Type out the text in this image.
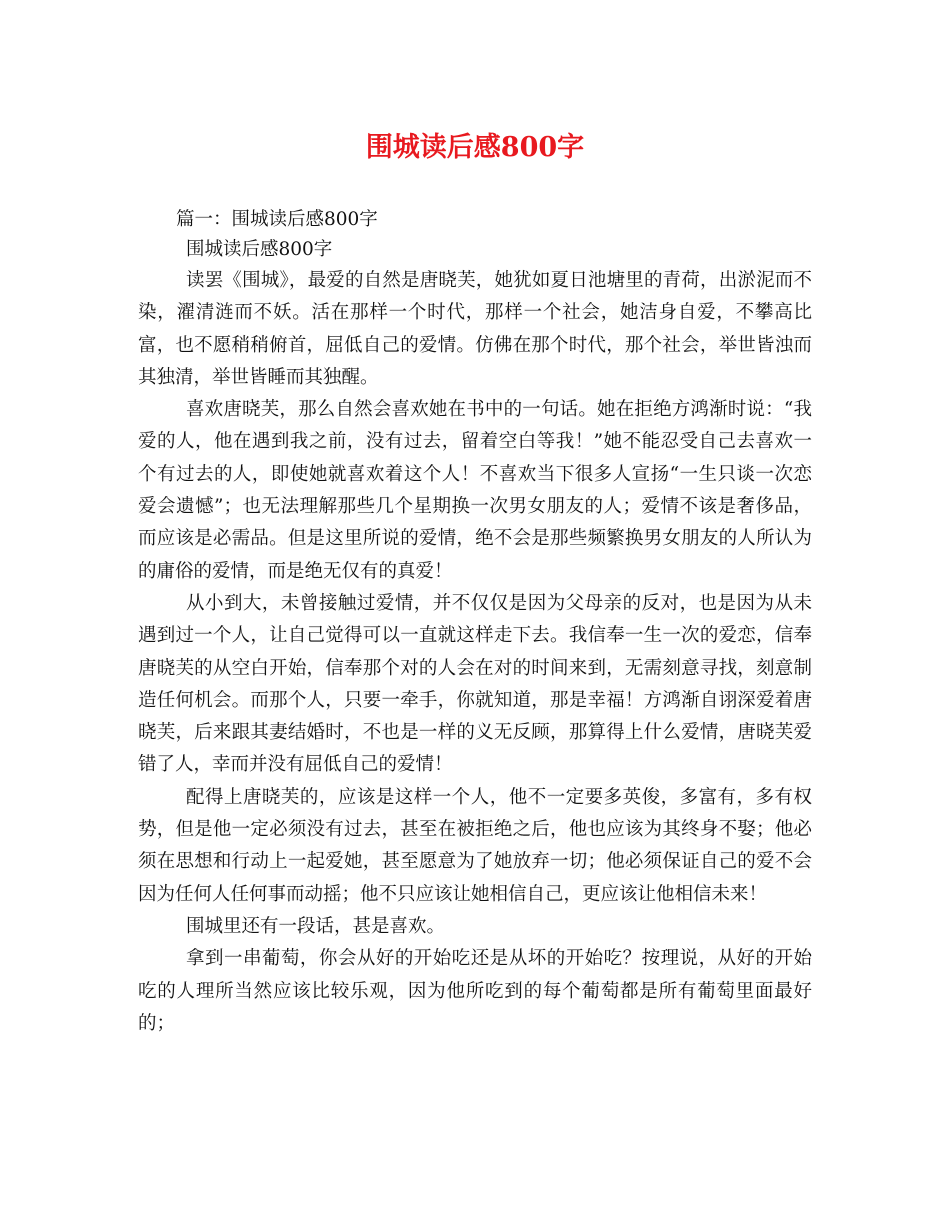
围城读后感800字
篇一：围城读后感800字
围城读后感800字

读罢《围城》，最爱的自然是唐晓芙，她犹如夏日池塘里的青荷，出淤泥而不染，濯清涟而不妖。活在那样一个时代，那样一个社会，她洁身自爱，不攀高比富，也不愿稍稍俯首，屈低自己的爱情。仿佛在那个时代，那个社会，举世皆浊而其独清，举世皆睡而其独醒。

喜欢唐晓芙，那么自然会喜欢她在书中的一句话。她在拒绝方鸿渐时说：“我爱的人，他在遇到我之前，没有过去，留着空白等我！”她不能忍受自己去喜欢一个有过去的人，即使她就喜欢着这个人！不喜欢当下很多人宣扬“一生只谈一次恋爱会遗憾”；也无法理解那些几个星期换一次男女朋友的人；爱情不该是奢侈品，而应该是必需品。但是这里所说的爱情，绝不会是那些频繁换男女朋友的人所认为的庸俗的爱情，而是绝无仅有的真爱！

从小到大，未曾接触过爱情，并不仅仅是因为父母亲的反对，也是因为从未遇到过一个人，让自己觉得可以一直就这样走下去。我信奉一生一次的爱恋，信奉唐晓芙的从空白开始，信奉那个对的人会在对的时间来到，无需刻意寻找，刻意制造任何机会。而那个人，只要一牵手，你就知道，那是幸福！方鸿渐自诩深爱着唐晓芙，后来跟其妻结婚时，不也是一样的义无反顾，那算得上什么爱情，唐晓芙爱错了人，幸而并没有屈低自己的爱情！

配得上唐晓芙的，应该是这样一个人，他不一定要多英俊，多富有，多有权势，但是他一定必须没有过去，甚至在被拒绝之后，他也应该为其终身不娶；他必须在思想和行动上一起爱她，甚至愿意为了她放弃一切；他必须保证自己的爱不会因为任何人任何事而动摇；他不只应该让她相信自己，更应该让他相信未来！

围城里还有一段话，甚是喜欢。

拿到一串葡萄，你会从好的开始吃还是从坏的开始吃？按理说，从好的开始吃的人理所当然应该比较乐观，因为他所吃到的每个葡萄都是所有葡萄里面最好的；
